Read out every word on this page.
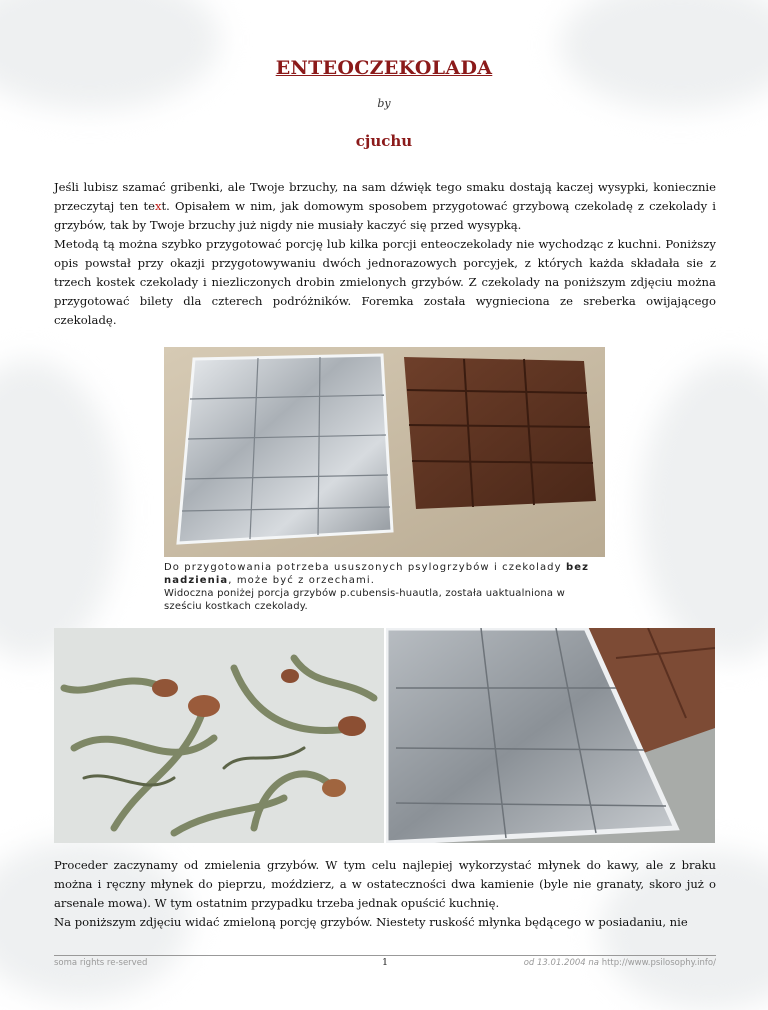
ENTEOCZEKOLADA
by
cjuchu

Jeśli lubisz szamać gribenki, ale Twoje brzuchy, na sam dźwięk tego smaku dostają kaczej wysypki, koniecznie przeczytaj ten text. Opisałem w nim, jak domowym sposobem przygotować grzybową czekoladę z czekolady i grzybów, tak by Twoje brzuchy już nigdy nie musiały kaczyć się przed wysypką.

Metodą tą można szybko przygotować porcję lub kilka porcji enteoczekolady nie wychodząc z kuchni. Poniższy opis powstał przy okazji przygotowywaniu dwóch jednorazowych porcyjek, z których każda składała sie z trzech kostek czekolady i niezliczonych drobin zmielonych grzybów. Z czekolady na poniższym zdjęciu można przygotować bilety dla czterech podróżników. Foremka została wygnieciona ze sreberka owijającego czekoladę.

Do przygotowania potrzeba ususzonych psylogrzybów i czekolady bez nadzienia, może być z orzechami.
Widoczna poniżej porcja grzybów p.cubensis-huautla, została uaktualniona w sześciu kostkach czekolady.

Proceder zaczynamy od zmielenia grzybów. W tym celu najlepiej wykorzystać młynek do kawy, ale z braku można i ręczny młynek do pieprzu, moździerz, a w ostateczności dwa kamienie (byle nie granaty, skoro już o arsenale mowa). W tym ostatnim przypadku trzeba jednak opuścić kuchnię.

Na poniższym zdjęciu widać zmieloną porcję grzybów. Niestety ruskość młynka będącego w posiadaniu, nie

soma rights re-served	1	od 13.01.2004 na http://www.psilosophy.info/
